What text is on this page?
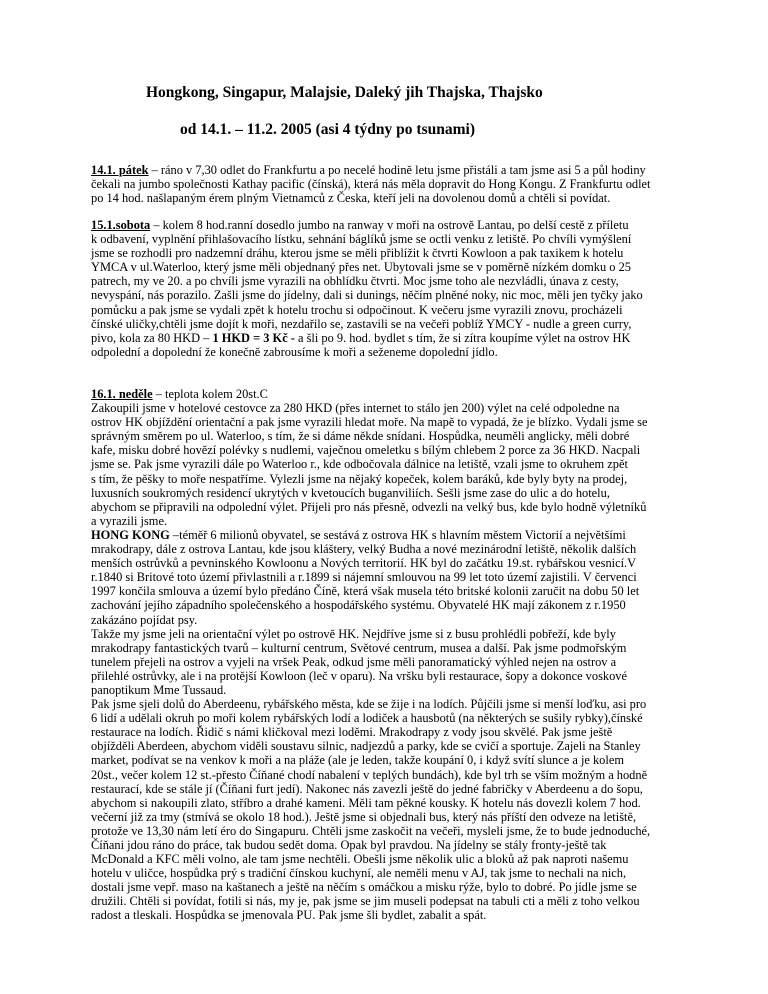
Hongkong, Singapur, Malajsie, Daleký jih Thajska, Thajsko
od 14.1. – 11.2. 2005 (asi 4 týdny po tsunami)
14.1. pátek – ráno v 7,30 odlet do Frankfurtu a po necelé hodině letu jsme přistáli a tam jsme asi 5 a půl hodiny
čekali na jumbo společnosti Kathay pacific (čínská), která nás měla dopravit do Hong Kongu. Z Frankfurtu odlet
po 14 hod. našlapaným érem plným Vietnamců z Česka, kteří jeli na dovolenou domů a chtěli si povídat.
15.1.sobota – kolem 8 hod.ranní dosedlo jumbo na ranway v moři na ostrově Lantau, po delší cestě z příletu
k odbavení, vyplnění přihlašovacího lístku, sehnání báglíků jsme se octli venku z letiště. Po chvíli vymýšlení
jsme se rozhodli pro nadzemní dráhu, kterou jsme se měli přiblížit k čtvrti Kowloon a pak taxikem k hotelu
YMCA v ul.Waterloo, který jsme měli objednaný přes net. Ubytovali jsme se v poměrně nízkém domku o 25
patrech, my ve 20. a po chvíli jsme vyrazili na obhlídku čtvrti. Moc jsme toho ale nezvládli, únava z cesty,
nevyspání, nás porazilo. Zašli jsme do jídelny, dali si dunings, něčím plněné noky, nic moc, měli jen tyčky jako
pomůcku a pak jsme se vydali zpět k hotelu trochu si odpočinout. K večeru jsme vyrazili znovu, procházeli
čínské uličky,chtěli jsme dojít k moři, nezdařilo se, zastavili se na večeři poblíž YMCY - nudle a green curry,
pivo, kola za 80 HKD – 1 HKD = 3 Kč - a šli po 9. hod. bydlet s tím, že si zítra koupíme výlet na ostrov HK
odpolední a dopolední že konečně zabrousíme k moři a seženeme dopolední jídlo.
16.1. neděle – teplota kolem 20st.C
Zakoupili jsme v hotelové cestovce za 280 HKD (přes internet to stálo jen 200) výlet na celé odpoledne na
ostrov HK objíždění orientační a pak jsme vyrazili hledat moře. Na mapě to vypadá, že je blízko. Vydali jsme se
správným směrem po ul. Waterloo, s tím, že si dáme někde snídani. Hospůdka, neuměli anglicky, měli dobré
kafe, misku dobré hovězí polévky s nudlemi, vaječnou omeletku s bílým chlebem 2 porce za 36 HKD. Nacpali
jsme se. Pak jsme vyrazili dále po Waterloo r., kde odbočovala dálnice na letiště, vzali jsme to okruhem zpět
s tím, že pěšky to moře nespatříme. Vylezli jsme na nějaký kopeček, kolem baráků, kde byly byty na prodej,
luxusních soukromých residencí ukrytých v kvetoucích buganviliích. Sešli jsme zase do ulic a do hotelu,
abychom se připravili na odpolední výlet. Přijeli pro nás přesně, odvezli na velký bus, kde bylo hodně výletníků
a vyrazili jsme.
HONG KONG –téměř 6 milionů obyvatel, se sestává z ostrova HK s hlavním městem Victorií a největšími
mrakodrapy, dále z ostrova Lantau, kde jsou kláštery, velký Budha a nové mezinárodní letiště, několik dalších
menších ostrůvků a pevninského Kowloonu a Nových territorií. HK byl do začátku 19.st. rybářskou vesnicí.V
r.1840 si Britové toto území přivlastnili a r.1899 si nájemní smlouvou na 99 let toto území zajistili. V červenci
1997 končila smlouva a území bylo předáno Číně, která však musela této britské kolonii zaručit na dobu 50 let
zachování jejího západního společenského a hospodářského systému. Obyvatelé HK mají zákonem z r.1950
zakázáno pojídat psy.
Takže my jsme jeli na orientační výlet po ostrově HK. Nejdříve jsme si z busu prohlédli pobřeží, kde byly
mrakodrapy fantastických tvarů – kulturní centrum, Světové centrum, musea a další. Pak jsme podmořským
tunelem přejeli na ostrov a vyjeli na vršek Peak, odkud jsme měli panoramatický výhled nejen na ostrov a
přilehlé ostrůvky, ale i na protější Kowloon (leč v oparu). Na vršku byli restaurace, šopy a dokonce voskové
panoptikum Mme Tussaud.
Pak jsme sjeli dolů do Aberdeenu, rybářského města, kde se žije i na lodích. Půjčili jsme si menší loďku, asi pro
6 lidí a udělali okruh po moři kolem rybářských lodí a lodiček a hausbotů (na některých se sušily rybky),čínské
restaurace na lodích. Řidič s námi kličkoval mezi loděmi. Mrakodrapy z vody jsou skvělé. Pak jsme ještě
objížděli Aberdeen, abychom viděli soustavu silnic, nadjezdů a parky, kde se cvičí a sportuje. Zajeli na Stanley
market, podívat se na venkov k moři a na pláže (ale je leden, takže koupání 0, i když svítí slunce a je kolem
20st., večer kolem 12 st.-přesto Číňané chodí nabalení v teplých bundách), kde byl trh se vším možným a hodně
restaurací, kde se stále jí (Číňani furt jedí). Nakonec nás zavezli ještě do jedné fabričky v Aberdeenu a do šopu,
abychom si nakoupili zlato, stříbro a drahé kameni. Měli tam pěkné kousky. K hotelu nás dovezli kolem 7 hod.
večerní již za tmy (stmívá se okolo 18 hod.). Ještě jsme si objednali bus, který nás příští den odveze na letiště,
protože ve 13,30 nám letí éro do Singapuru. Chtěli jsme zaskočit na večeři, mysleli jsme, že to bude jednoduché,
Číňani jdou ráno do práce, tak budou sedět doma. Opak byl pravdou. Na jídelny se stály fronty-ještě tak
McDonald a KFC měli volno, ale tam jsme nechtěli. Obešli jsme několik ulic a bloků až pak naproti našemu
hotelu v uličce, hospůdka prý s tradiční čínskou kuchyní, ale neměli menu v AJ, tak jsme to nechali na nich,
dostali jsme vepř. maso na kaštanech a ještě na něčím s omáčkou a misku rýže, bylo to dobré. Po jídle jsme se
družili. Chtěli si povídat, fotili si nás, my je, pak jsme se jim museli podepsat na tabuli cti a měli z toho velkou
radost a tleskali. Hospůdka se jmenovala PU. Pak jsme šli bydlet, zabalit a spát.
